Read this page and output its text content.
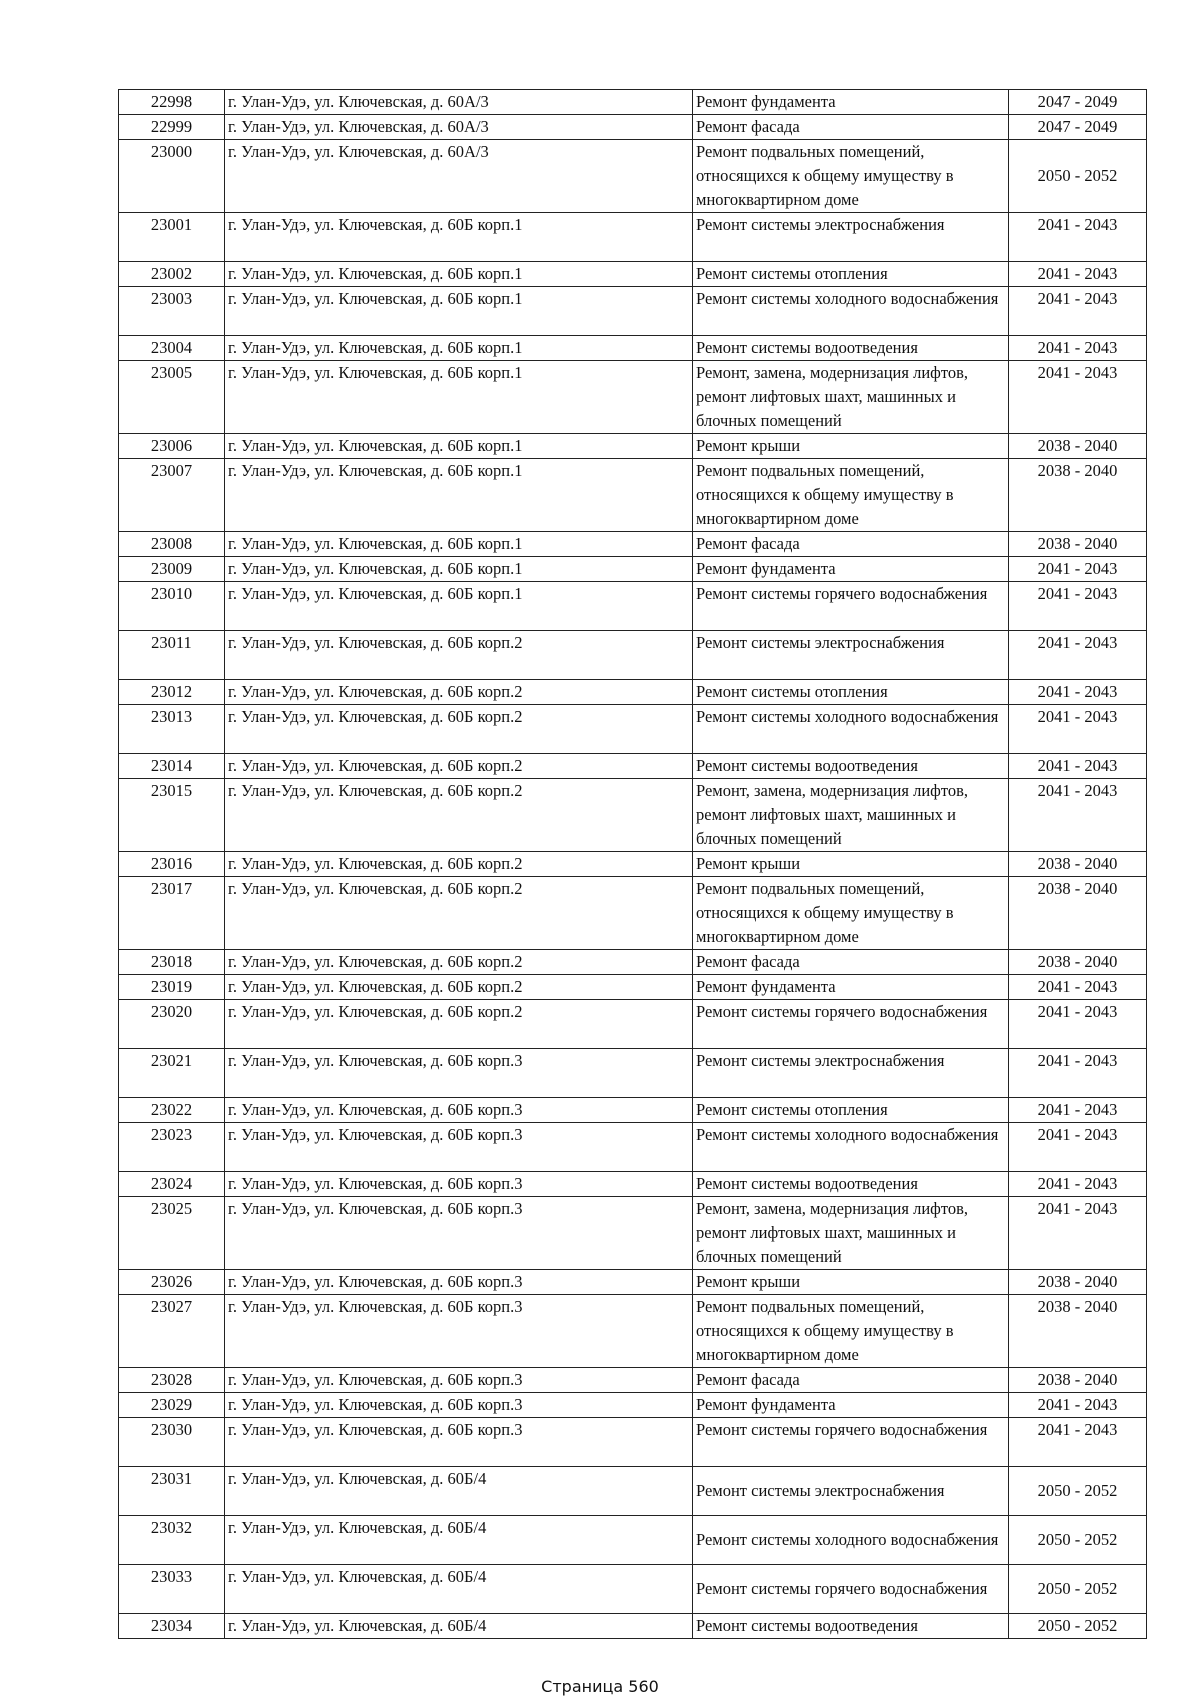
22998	г. Улан-Удэ, ул. Ключевская, д. 60А/3	Ремонт фундамента	2047 - 2049
22999	г. Улан-Удэ, ул. Ключевская, д. 60А/3	Ремонт фасада	2047 - 2049
23000	г. Улан-Удэ, ул. Ключевская, д. 60А/3	Ремонт подвальных помещений, относящихся к общему имуществу в многоквартирном доме	2050 - 2052
23001	г. Улан-Удэ, ул. Ключевская, д. 60Б корп.1	Ремонт системы электроснабжения	2041 - 2043
23002	г. Улан-Удэ, ул. Ключевская, д. 60Б корп.1	Ремонт системы отопления	2041 - 2043
23003	г. Улан-Удэ, ул. Ключевская, д. 60Б корп.1	Ремонт системы холодного водоснабжения	2041 - 2043
23004	г. Улан-Удэ, ул. Ключевская, д. 60Б корп.1	Ремонт системы водоотведения	2041 - 2043
23005	г. Улан-Удэ, ул. Ключевская, д. 60Б корп.1	Ремонт, замена, модернизация лифтов, ремонт лифтовых шахт, машинных и блочных помещений	2041 - 2043
23006	г. Улан-Удэ, ул. Ключевская, д. 60Б корп.1	Ремонт крыши	2038 - 2040
23007	г. Улан-Удэ, ул. Ключевская, д. 60Б корп.1	Ремонт подвальных помещений, относящихся к общему имуществу в многоквартирном доме	2038 - 2040
23008	г. Улан-Удэ, ул. Ключевская, д. 60Б корп.1	Ремонт фасада	2038 - 2040
23009	г. Улан-Удэ, ул. Ключевская, д. 60Б корп.1	Ремонт фундамента	2041 - 2043
23010	г. Улан-Удэ, ул. Ключевская, д. 60Б корп.1	Ремонт системы горячего водоснабжения	2041 - 2043
23011	г. Улан-Удэ, ул. Ключевская, д. 60Б корп.2	Ремонт системы электроснабжения	2041 - 2043
23012	г. Улан-Удэ, ул. Ключевская, д. 60Б корп.2	Ремонт системы отопления	2041 - 2043
23013	г. Улан-Удэ, ул. Ключевская, д. 60Б корп.2	Ремонт системы холодного водоснабжения	2041 - 2043
23014	г. Улан-Удэ, ул. Ключевская, д. 60Б корп.2	Ремонт системы водоотведения	2041 - 2043
23015	г. Улан-Удэ, ул. Ключевская, д. 60Б корп.2	Ремонт, замена, модернизация лифтов, ремонт лифтовых шахт, машинных и блочных помещений	2041 - 2043
23016	г. Улан-Удэ, ул. Ключевская, д. 60Б корп.2	Ремонт крыши	2038 - 2040
23017	г. Улан-Удэ, ул. Ключевская, д. 60Б корп.2	Ремонт подвальных помещений, относящихся к общему имуществу в многоквартирном доме	2038 - 2040
23018	г. Улан-Удэ, ул. Ключевская, д. 60Б корп.2	Ремонт фасада	2038 - 2040
23019	г. Улан-Удэ, ул. Ключевская, д. 60Б корп.2	Ремонт фундамента	2041 - 2043
23020	г. Улан-Удэ, ул. Ключевская, д. 60Б корп.2	Ремонт системы горячего водоснабжения	2041 - 2043
23021	г. Улан-Удэ, ул. Ключевская, д. 60Б корп.3	Ремонт системы электроснабжения	2041 - 2043
23022	г. Улан-Удэ, ул. Ключевская, д. 60Б корп.3	Ремонт системы отопления	2041 - 2043
23023	г. Улан-Удэ, ул. Ключевская, д. 60Б корп.3	Ремонт системы холодного водоснабжения	2041 - 2043
23024	г. Улан-Удэ, ул. Ключевская, д. 60Б корп.3	Ремонт системы водоотведения	2041 - 2043
23025	г. Улан-Удэ, ул. Ключевская, д. 60Б корп.3	Ремонт, замена, модернизация лифтов, ремонт лифтовых шахт, машинных и блочных помещений	2041 - 2043
23026	г. Улан-Удэ, ул. Ключевская, д. 60Б корп.3	Ремонт крыши	2038 - 2040
23027	г. Улан-Удэ, ул. Ключевская, д. 60Б корп.3	Ремонт подвальных помещений, относящихся к общему имуществу в многоквартирном доме	2038 - 2040
23028	г. Улан-Удэ, ул. Ключевская, д. 60Б корп.3	Ремонт фасада	2038 - 2040
23029	г. Улан-Удэ, ул. Ключевская, д. 60Б корп.3	Ремонт фундамента	2041 - 2043
23030	г. Улан-Удэ, ул. Ключевская, д. 60Б корп.3	Ремонт системы горячего водоснабжения	2041 - 2043
23031	г. Улан-Удэ, ул. Ключевская, д. 60Б/4	Ремонт системы электроснабжения	2050 - 2052
23032	г. Улан-Удэ, ул. Ключевская, д. 60Б/4	Ремонт системы холодного водоснабжения	2050 - 2052
23033	г. Улан-Удэ, ул. Ключевская, д. 60Б/4	Ремонт системы горячего водоснабжения	2050 - 2052
23034	г. Улан-Удэ, ул. Ключевская, д. 60Б/4	Ремонт системы водоотведения	2050 - 2052
Страница 560
